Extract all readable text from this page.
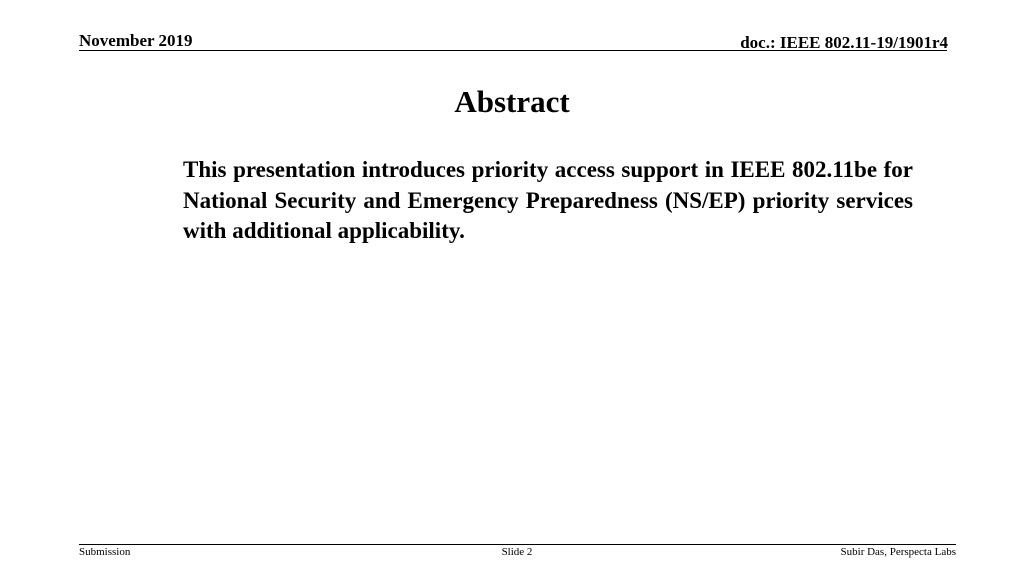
November 2019	doc.: IEEE 802.11-19/1901r4
Abstract
This presentation introduces priority access support in IEEE 802.11be for National Security and Emergency Preparedness (NS/EP) priority services with additional applicability.
Submission	Slide 2	Subir Das, Perspecta Labs
